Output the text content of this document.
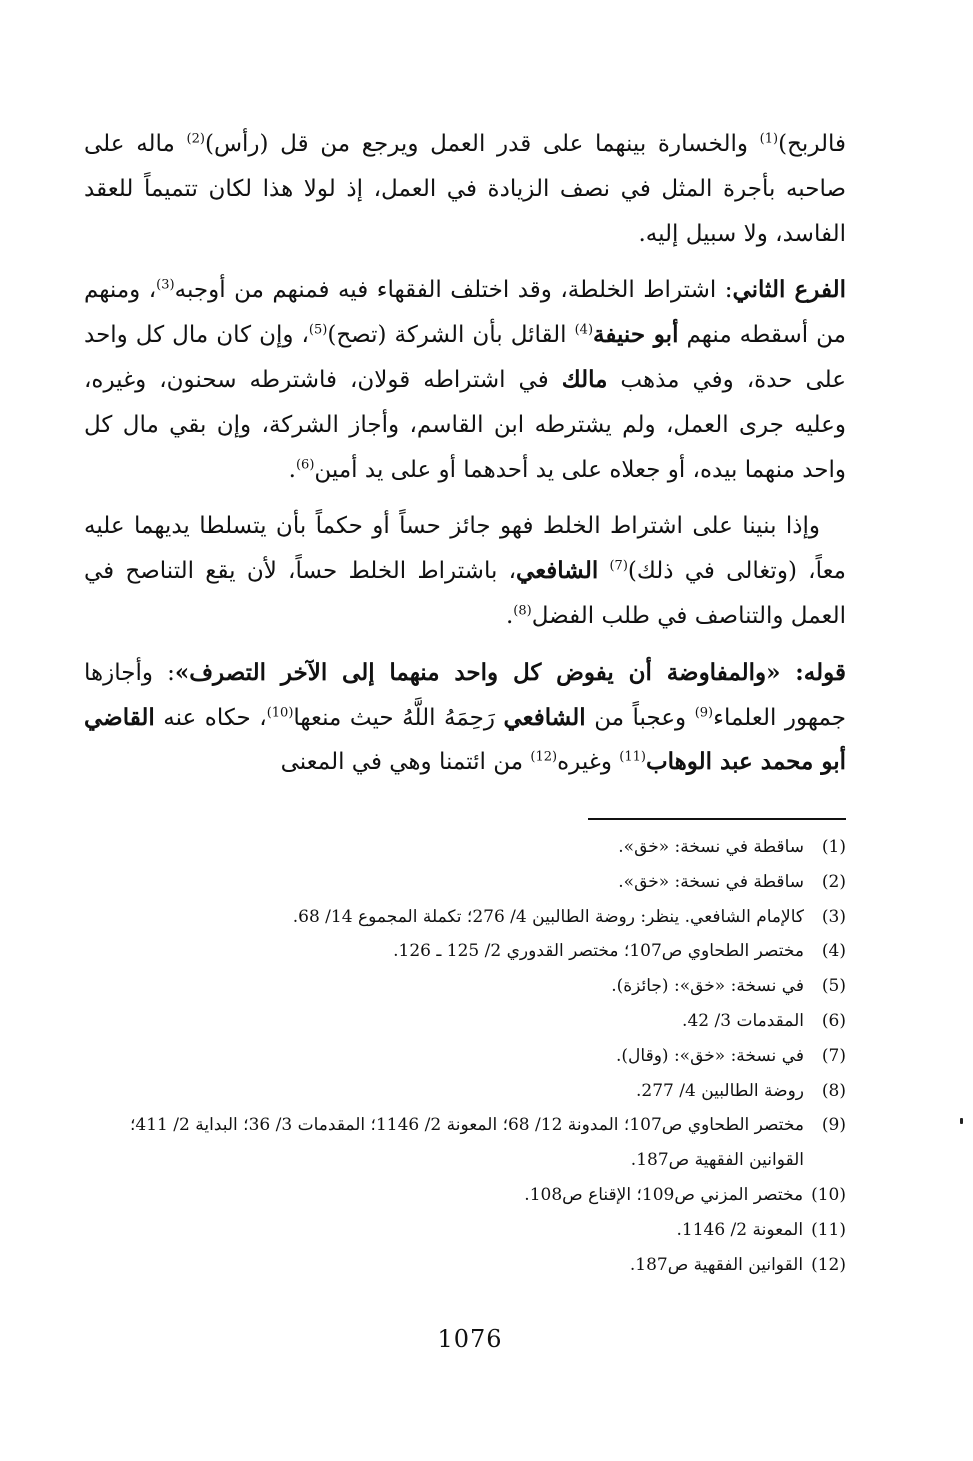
فالربح)$^{(1)}$ والخسارة بينهما على قدر العمل ويرجع من قل (رأس)$^{(2)}$ ماله على صاحبه بأجرة المثل في نصف الزيادة في العمل، إذ لولا هذا لكان تتميماً للعقد الفاسد، ولا سبيل إليه.

الفرع الثاني: اشتراط الخلطة، وقد اختلف الفقهاء فيه فمنهم من أوجبه$^{(3)}$، ومنهم من أسقطه منهم أبو حنيفة$^{(4)}$ القائل بأن الشركة (تصح)$^{(5)}$، وإن كان مال كل واحد على حدة، وفي مذهب مالك في اشتراطه قولان، فاشترطه سحنون، وغيره، وعليه جرى العمل، ولم يشترطه ابن القاسم، وأجاز الشركة، وإن بقي مال كل واحد منهما بيده، أو جعلاه على يد أحدهما أو على يد أمين$^{(6)}$.

وإذا بنينا على اشتراط الخلط فهو جائز حساً أو حكماً بأن يتسلطا يديهما عليه معاً، (وتغالى في ذلك)$^{(7)}$ الشافعي، باشتراط الخلط حساً، لأن يقع التناصح في العمل والتناصف في طلب الفضل$^{(8)}$.

قوله: «والمفاوضة أن يفوض كل واحد منهما إلى الآخر التصرف»: وأجازها جمهور العلماء$^{(9)}$ وعجباً من الشافعي رَحِمَهُ اللَّهُ حيث منعها$^{(10)}$، حكاه عنه القاضي أبو محمد عبد الوهاب$^{(11)}$ وغيره$^{(12)}$ من ائتمنا وهي في المعنى

(1)
ساقطة في نسخة: «خق».
(2)
ساقطة في نسخة: «خق».
(3)
كالإمام الشافعي. ينظر: روضة الطالبين 4/ 276؛ تكملة المجموع 14/ 68.
(4)
مختصر الطحاوي ص107؛ مختصر القدوري 2/ 125 ـ 126.
(5)
في نسخة: «خق»: (جائزة).
(6)
المقدمات 3/ 42.
(7)
في نسخة: «خق»: (وقال).
(8)
روضة الطالبين 4/ 277.
(9)
مختصر الطحاوي ص107؛ المدونة 12/ 68؛ المعونة 2/ 1146؛ المقدمات 3/ 36؛ البداية 2/ 411؛ القوانين الفقهية ص187.
(10)
مختصر المزني ص109؛ الإقناع ص108.
(11)
المعونة 2/ 1146.
(12)
القوانين الفقهية ص187.
1076
